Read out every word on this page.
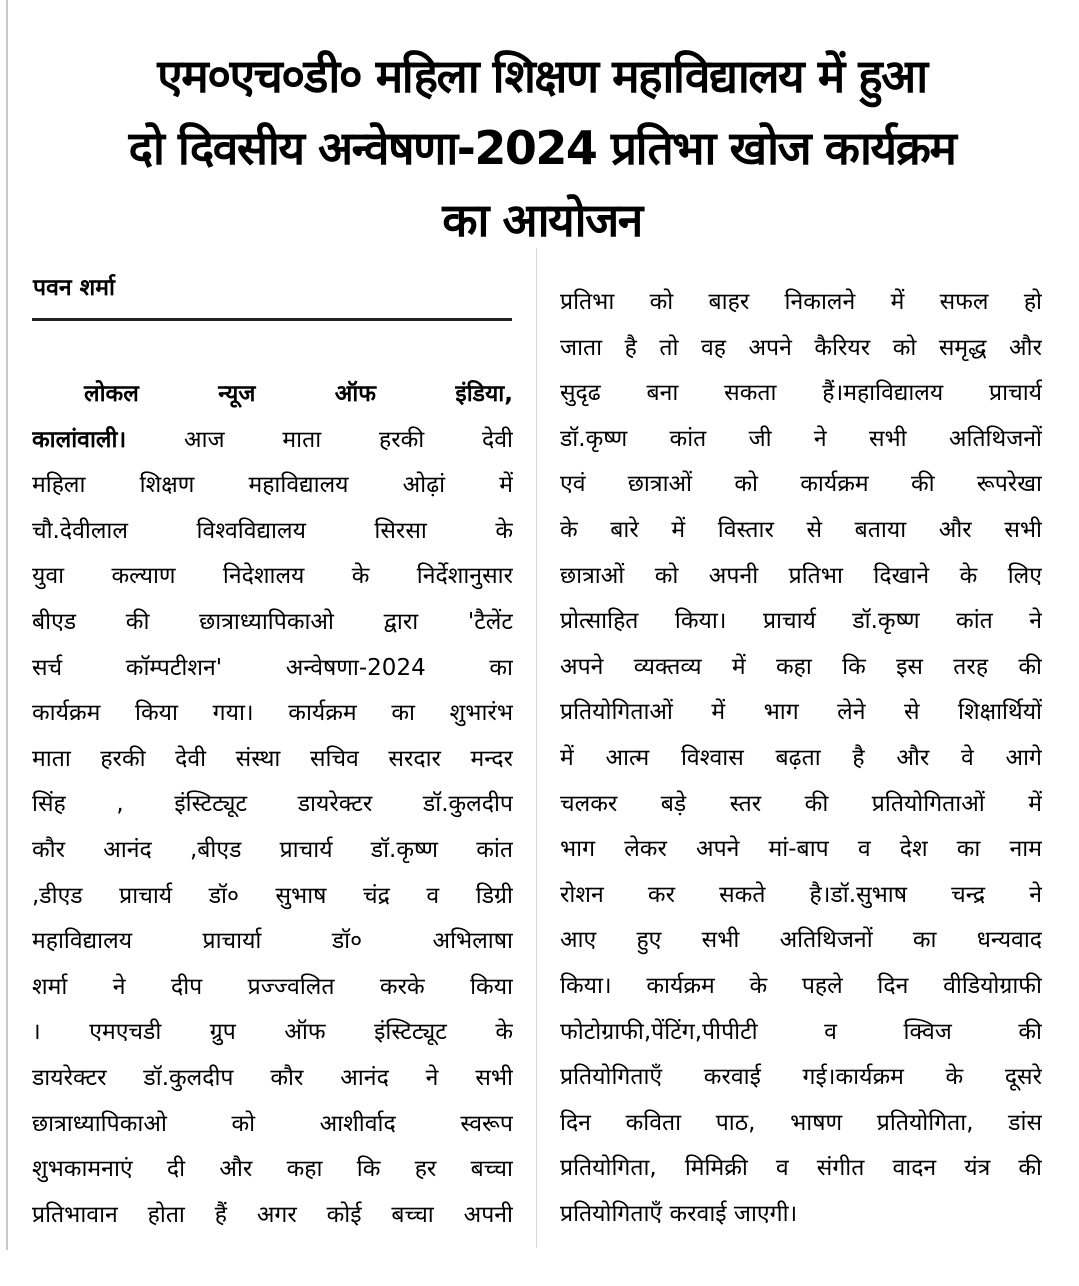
एम०एच०डी० महिला शिक्षण महाविद्यालय में हुआ
दो दिवसीय अन्वेषणा-2024 प्रतिभा खोज कार्यक्रम
का आयोजन

पवन शर्मा

लोकल न्यूज ऑफ इंडिया,
कालांवाली। आज माता हरकी देवी
महिला शिक्षण महाविद्यालय ओढ़ां में
चौ.देवीलाल विश्वविद्यालय सिरसा के
युवा कल्याण निदेशालय के निर्देशानुसार
बीएड की छात्राध्यापिकाओ द्वारा 'टैलेंट
सर्च कॉम्पटीशन' अन्वेषणा-2024 का
कार्यक्रम किया गया। कार्यक्रम का शुभारंभ
माता हरकी देवी संस्था सचिव सरदार मन्दर
सिंह , इंस्टिट्यूट डायरेक्टर डॉ.कुलदीप
कौर आनंद ,बीएड प्राचार्य डॉ.कृष्ण कांत
,डीएड प्राचार्य डॉ० सुभाष चंद्र व डिग्री
महाविद्यालय प्राचार्या डॉ० अभिलाषा
शर्मा ने दीप प्रज्ज्वलित करके किया
। एमएचडी ग्रुप ऑफ इंस्टिट्यूट के
डायरेक्टर डॉ.कुलदीप कौर आनंद ने सभी
छात्राध्यापिकाओ को आशीर्वाद स्वरूप
शुभकामनाएं दी और कहा कि हर बच्चा
प्रतिभावान होता हैं अगर कोई बच्चा अपनी
प्रतिभा को बाहर निकालने में सफल हो
जाता है तो वह अपने कैरियर को समृद्ध और
सुदृढ बना सकता हैं।महाविद्यालय प्राचार्य
डॉ.कृष्ण कांत जी ने सभी अतिथिजनों
एवं छात्राओं को कार्यक्रम की रूपरेखा
के बारे में विस्तार से बताया और सभी
छात्राओं को अपनी प्रतिभा दिखाने के लिए
प्रोत्साहित किया। प्राचार्य डॉ.कृष्ण कांत ने
अपने व्यक्तव्य में कहा कि इस तरह की
प्रतियोगिताओं में भाग लेने से शिक्षार्थियों
में आत्म विश्वास बढ़ता है और वे आगे
चलकर बड़े स्तर की प्रतियोगिताओं में
भाग लेकर अपने मां-बाप व देश का नाम
रोशन कर सकते है।डॉ.सुभाष चन्द्र ने
आए हुए सभी अतिथिजनों का धन्यवाद
किया। कार्यक्रम के पहले दिन वीडियोग्राफी
फोटोग्राफी,पेंटिंग,पीपीटी व क्विज की
प्रतियोगिताएँ करवाई गई।कार्यक्रम के दूसरे
दिन कविता पाठ, भाषण प्रतियोगिता, डांस
प्रतियोगिता, मिमिक्री व संगीत वादन यंत्र की
प्रतियोगिताएँ करवाई जाएगी।
